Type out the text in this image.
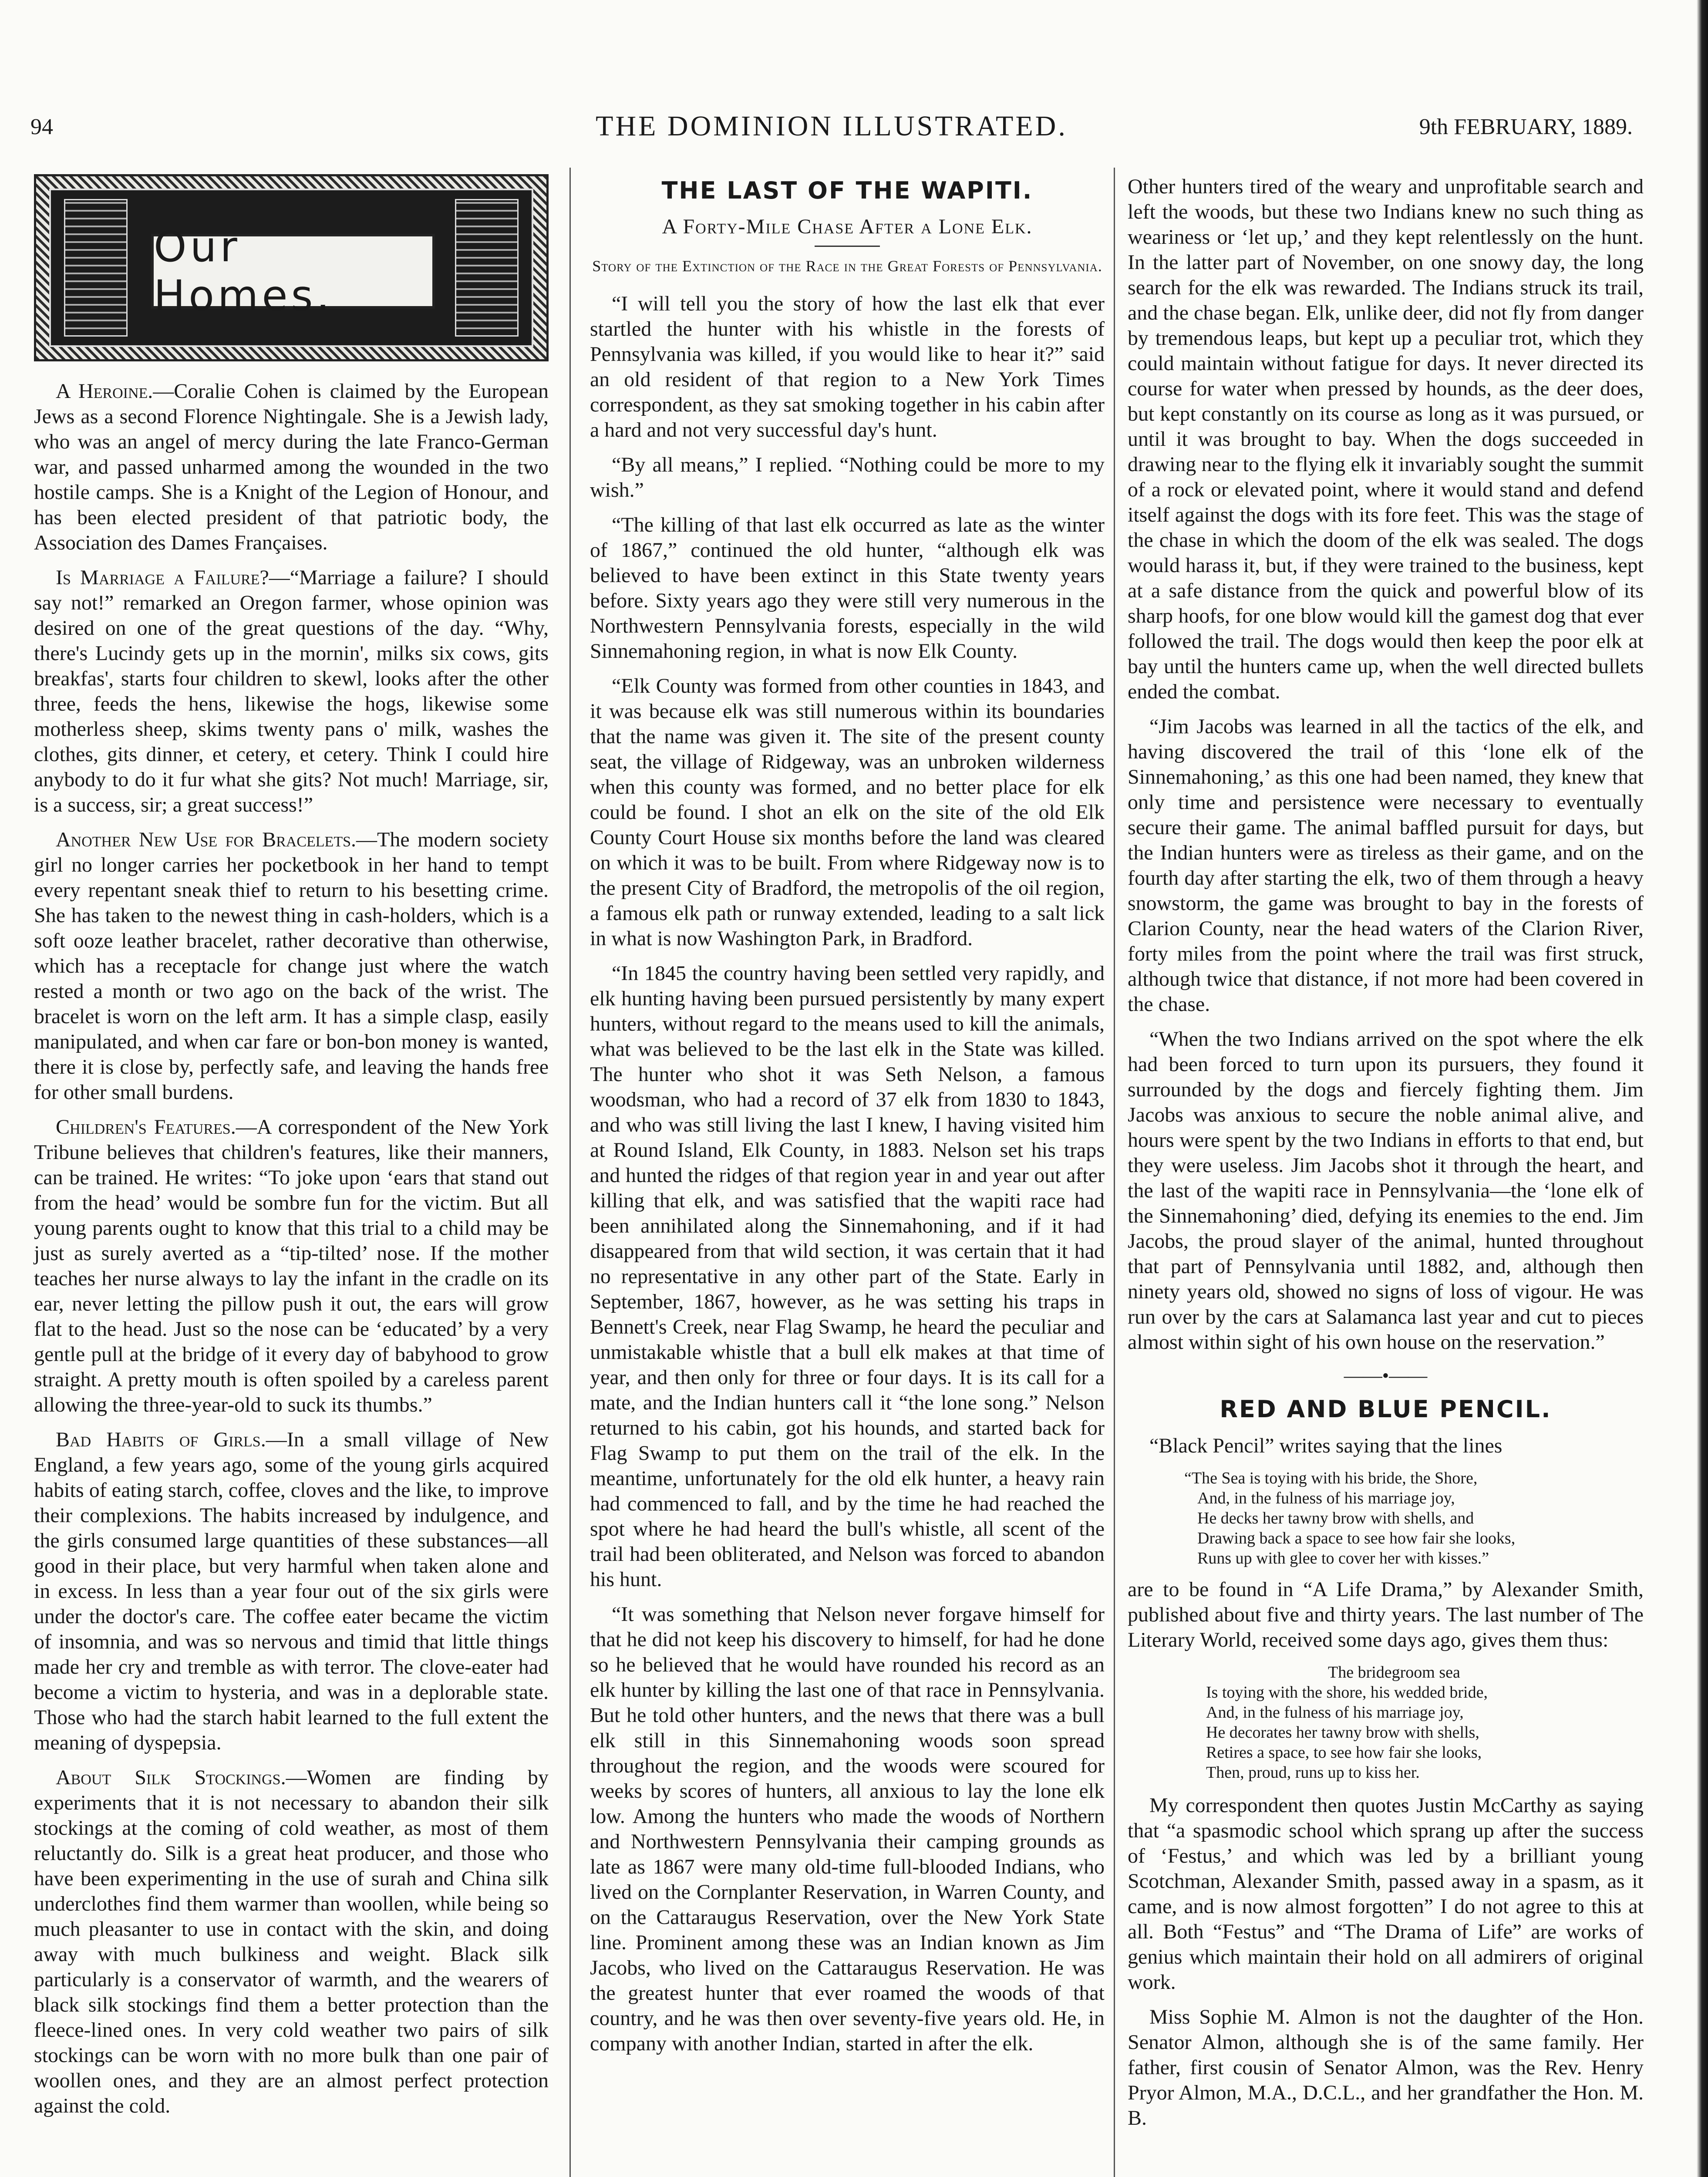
94	THE DOMINION ILLUSTRATED.	9th FEBRUARY, 1889.
Our Homes.

A Heroine.—Coralie Cohen is claimed by the European Jews as a second Florence Nightingale. She is a Jewish lady, who was an angel of mercy during the late Franco-German war, and passed unharmed among the wounded in the two hostile camps. She is a Knight of the Legion of Honour, and has been elected president of that patriotic body, the Association des Dames Françaises.

Is Marriage a Failure?—“Marriage a failure? I should say not!” remarked an Oregon farmer, whose opinion was desired on one of the great questions of the day. “Why, there's Lucindy gets up in the mornin', milks six cows, gits breakfas', starts four children to skewl, looks after the other three, feeds the hens, likewise the hogs, likewise some motherless sheep, skims twenty pans o' milk, washes the clothes, gits dinner, et cetery, et cetery. Think I could hire anybody to do it fur what she gits? Not much! Marriage, sir, is a success, sir; a great success!”

Another New Use for Bracelets.—The modern society girl no longer carries her pocketbook in her hand to tempt every repentant sneak thief to return to his besetting crime. She has taken to the newest thing in cash-holders, which is a soft ooze leather bracelet, rather decorative than otherwise, which has a receptacle for change just where the watch rested a month or two ago on the back of the wrist. The bracelet is worn on the left arm. It has a simple clasp, easily manipulated, and when car fare or bon-bon money is wanted, there it is close by, perfectly safe, and leaving the hands free for other small burdens.

Children's Features.—A correspondent of the New York Tribune believes that children's features, like their manners, can be trained. He writes: “To joke upon ‘ears that stand out from the head’ would be sombre fun for the victim. But all young parents ought to know that this trial to a child may be just as surely averted as a “tip-tilted’ nose. If the mother teaches her nurse always to lay the infant in the cradle on its ear, never letting the pillow push it out, the ears will grow flat to the head. Just so the nose can be ‘educated’ by a very gentle pull at the bridge of it every day of babyhood to grow straight. A pretty mouth is often spoiled by a careless parent allowing the three-year-old to suck its thumbs.”

Bad Habits of Girls.—In a small village of New England, a few years ago, some of the young girls acquired habits of eating starch, coffee, cloves and the like, to improve their complexions. The habits increased by indulgence, and the girls consumed large quantities of these substances—all good in their place, but very harmful when taken alone and in excess. In less than a year four out of the six girls were under the doctor's care. The coffee eater became the victim of insomnia, and was so nervous and timid that little things made her cry and tremble as with terror. The clove-eater had become a victim to hysteria, and was in a deplorable state. Those who had the starch habit learned to the full extent the meaning of dyspepsia.

About Silk Stockings.—Women are finding by experiments that it is not necessary to abandon their silk stockings at the coming of cold weather, as most of them reluctantly do. Silk is a great heat producer, and those who have been experimenting in the use of surah and China silk underclothes find them warmer than woollen, while being so much pleasanter to use in contact with the skin, and doing away with much bulkiness and weight. Black silk particularly is a conservator of warmth, and the wearers of black silk stockings find them a better protection than the fleece-lined ones. In very cold weather two pairs of silk stockings can be worn with no more bulk than one pair of woollen ones, and they are an almost perfect protection against the cold.

THE LAST OF THE WAPITI.
A Forty-Mile Chase After a Lone Elk.
Story of the Extinction of the Race in the Great Forests of Pennsylvania.

“I will tell you the story of how the last elk that ever startled the hunter with his whistle in the forests of Pennsylvania was killed, if you would like to hear it?” said an old resident of that region to a New York Times correspondent, as they sat smoking together in his cabin after a hard and not very successful day's hunt.

“By all means,” I replied. “Nothing could be more to my wish.”

“The killing of that last elk occurred as late as the winter of 1867,” continued the old hunter, “although elk was believed to have been extinct in this State twenty years before. Sixty years ago they were still very numerous in the Northwestern Pennsylvania forests, especially in the wild Sinnemahoning region, in what is now Elk County.

“Elk County was formed from other counties in 1843, and it was because elk was still numerous within its boundaries that the name was given it. The site of the present county seat, the village of Ridgeway, was an unbroken wilderness when this county was formed, and no better place for elk could be found. I shot an elk on the site of the old Elk County Court House six months before the land was cleared on which it was to be built. From where Ridgeway now is to the present City of Bradford, the metropolis of the oil region, a famous elk path or runway extended, leading to a salt lick in what is now Washington Park, in Bradford.

“In 1845 the country having been settled very rapidly, and elk hunting having been pursued persistently by many expert hunters, without regard to the means used to kill the animals, what was believed to be the last elk in the State was killed. The hunter who shot it was Seth Nelson, a famous woodsman, who had a record of 37 elk from 1830 to 1843, and who was still living the last I knew, I having visited him at Round Island, Elk County, in 1883. Nelson set his traps and hunted the ridges of that region year in and year out after killing that elk, and was satisfied that the wapiti race had been annihilated along the Sinnemahoning, and if it had disappeared from that wild section, it was certain that it had no representative in any other part of the State. Early in September, 1867, however, as he was setting his traps in Bennett's Creek, near Flag Swamp, he heard the peculiar and unmistakable whistle that a bull elk makes at that time of year, and then only for three or four days. It is its call for a mate, and the Indian hunters call it “the lone song.” Nelson returned to his cabin, got his hounds, and started back for Flag Swamp to put them on the trail of the elk. In the meantime, unfortunately for the old elk hunter, a heavy rain had commenced to fall, and by the time he had reached the spot where he had heard the bull's whistle, all scent of the trail had been obliterated, and Nelson was forced to abandon his hunt.

“It was something that Nelson never forgave himself for that he did not keep his discovery to himself, for had he done so he believed that he would have rounded his record as an elk hunter by killing the last one of that race in Pennsylvania. But he told other hunters, and the news that there was a bull elk still in this Sinnemahoning woods soon spread throughout the region, and the woods were scoured for weeks by scores of hunters, all anxious to lay the lone elk low. Among the hunters who made the woods of Northern and Northwestern Pennsylvania their camping grounds as late as 1867 were many old-time full-blooded Indians, who lived on the Cornplanter Reservation, in Warren County, and on the Cattaraugus Reservation, over the New York State line. Prominent among these was an Indian known as Jim Jacobs, who lived on the Cattaraugus Reservation. He was the greatest hunter that ever roamed the woods of that country, and he was then over seventy-five years old. He, in company with another Indian, started in after the elk.

Other hunters tired of the weary and unprofitable search and left the woods, but these two Indians knew no such thing as weariness or ‘let up,’ and they kept relentlessly on the hunt. In the latter part of November, on one snowy day, the long search for the elk was rewarded. The Indians struck its trail, and the chase began. Elk, unlike deer, did not fly from danger by tremendous leaps, but kept up a peculiar trot, which they could maintain without fatigue for days. It never directed its course for water when pressed by hounds, as the deer does, but kept constantly on its course as long as it was pursued, or until it was brought to bay. When the dogs succeeded in drawing near to the flying elk it invariably sought the summit of a rock or elevated point, where it would stand and defend itself against the dogs with its fore feet. This was the stage of the chase in which the doom of the elk was sealed. The dogs would harass it, but, if they were trained to the business, kept at a safe distance from the quick and powerful blow of its sharp hoofs, for one blow would kill the gamest dog that ever followed the trail. The dogs would then keep the poor elk at bay until the hunters came up, when the well directed bullets ended the combat.

“Jim Jacobs was learned in all the tactics of the elk, and having discovered the trail of this ‘lone elk of the Sinnemahoning,’ as this one had been named, they knew that only time and persistence were necessary to eventually secure their game. The animal baffled pursuit for days, but the Indian hunters were as tireless as their game, and on the fourth day after starting the elk, two of them through a heavy snowstorm, the game was brought to bay in the forests of Clarion County, near the head waters of the Clarion River, forty miles from the point where the trail was first struck, although twice that distance, if not more had been covered in the chase.

“When the two Indians arrived on the spot where the elk had been forced to turn upon its pursuers, they found it surrounded by the dogs and fiercely fighting them. Jim Jacobs was anxious to secure the noble animal alive, and hours were spent by the two Indians in efforts to that end, but they were useless. Jim Jacobs shot it through the heart, and the last of the wapiti race in Pennsylvania—the ‘lone elk of the Sinnemahoning’ died, defying its enemies to the end. Jim Jacobs, the proud slayer of the animal, hunted throughout that part of Pennsylvania until 1882, and, although then ninety years old, showed no signs of loss of vigour. He was run over by the cars at Salamanca last year and cut to pieces almost within sight of his own house on the reservation.”

——•——
RED AND BLUE PENCIL.

“Black Pencil” writes saying that the lines

“The Sea is toying with his bride, the Shore,
And, in the fulness of his marriage joy,
He decks her tawny brow with shells, and
Drawing back a space to see how fair she looks,
Runs up with glee to cover her with kisses.”

are to be found in “A Life Drama,” by Alexander Smith, published about five and thirty years. The last number of The Literary World, received some days ago, gives them thus:

The bridegroom sea
Is toying with the shore, his wedded bride,
And, in the fulness of his marriage joy,
He decorates her tawny brow with shells,
Retires a space, to see how fair she looks,
Then, proud, runs up to kiss her.

My correspondent then quotes Justin McCarthy as saying that “a spasmodic school which sprang up after the success of ‘Festus,’ and which was led by a brilliant young Scotchman, Alexander Smith, passed away in a spasm, as it came, and is now almost forgotten” I do not agree to this at all. Both “Festus” and “The Drama of Life” are works of genius which maintain their hold on all admirers of original work.

Miss Sophie M. Almon is not the daughter of the Hon. Senator Almon, although she is of the same family. Her father, first cousin of Senator Almon, was the Rev. Henry Pryor Almon, M.A., D.C.L., and her grandfather the Hon. M. B.
